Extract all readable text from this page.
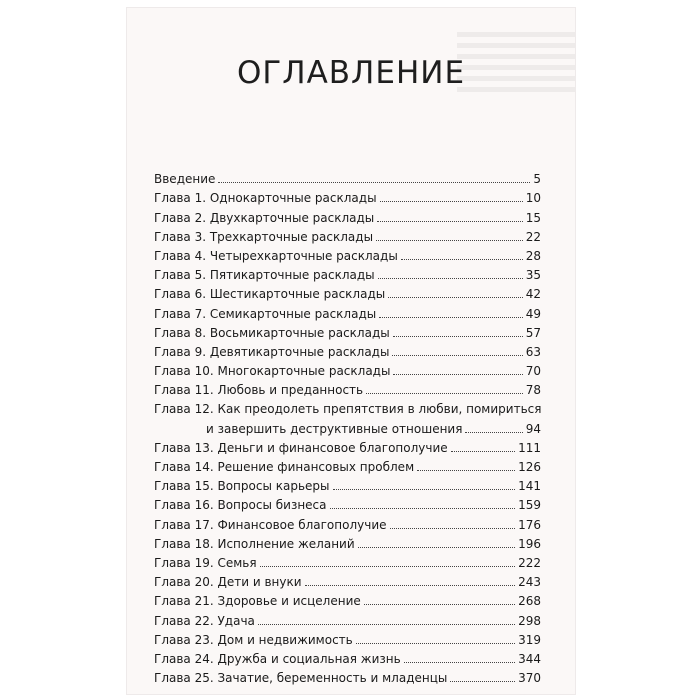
ОГЛАВЛЕНИЕ
Введение	5
Глава 1. Однокарточные расклады	10
Глава 2. Двухкарточные расклады	15
Глава 3. Трехкарточные расклады	22
Глава 4. Четырехкарточные расклады	28
Глава 5. Пятикарточные расклады	35
Глава 6. Шестикарточные расклады	42
Глава 7. Семикарточные расклады	49
Глава 8. Восьмикарточные расклады	57
Глава 9. Девятикарточные расклады	63
Глава 10. Многокарточные расклады	70
Глава 11. Любовь и преданность	78
Глава 12. Как преодолеть препятствия в любви, помириться
и завершить деструктивные отношения	94
Глава 13. Деньги и финансовое благополучие	111
Глава 14. Решение финансовых проблем	126
Глава 15. Вопросы карьеры	141
Глава 16. Вопросы бизнеса	159
Глава 17. Финансовое благополучие	176
Глава 18. Исполнение желаний	196
Глава 19. Семья	222
Глава 20. Дети и внуки	243
Глава 21. Здоровье и исцеление	268
Глава 22. Удача	298
Глава 23. Дом и недвижимость	319
Глава 24. Дружба и социальная жизнь	344
Глава 25. Зачатие, беременность и младенцы	370
